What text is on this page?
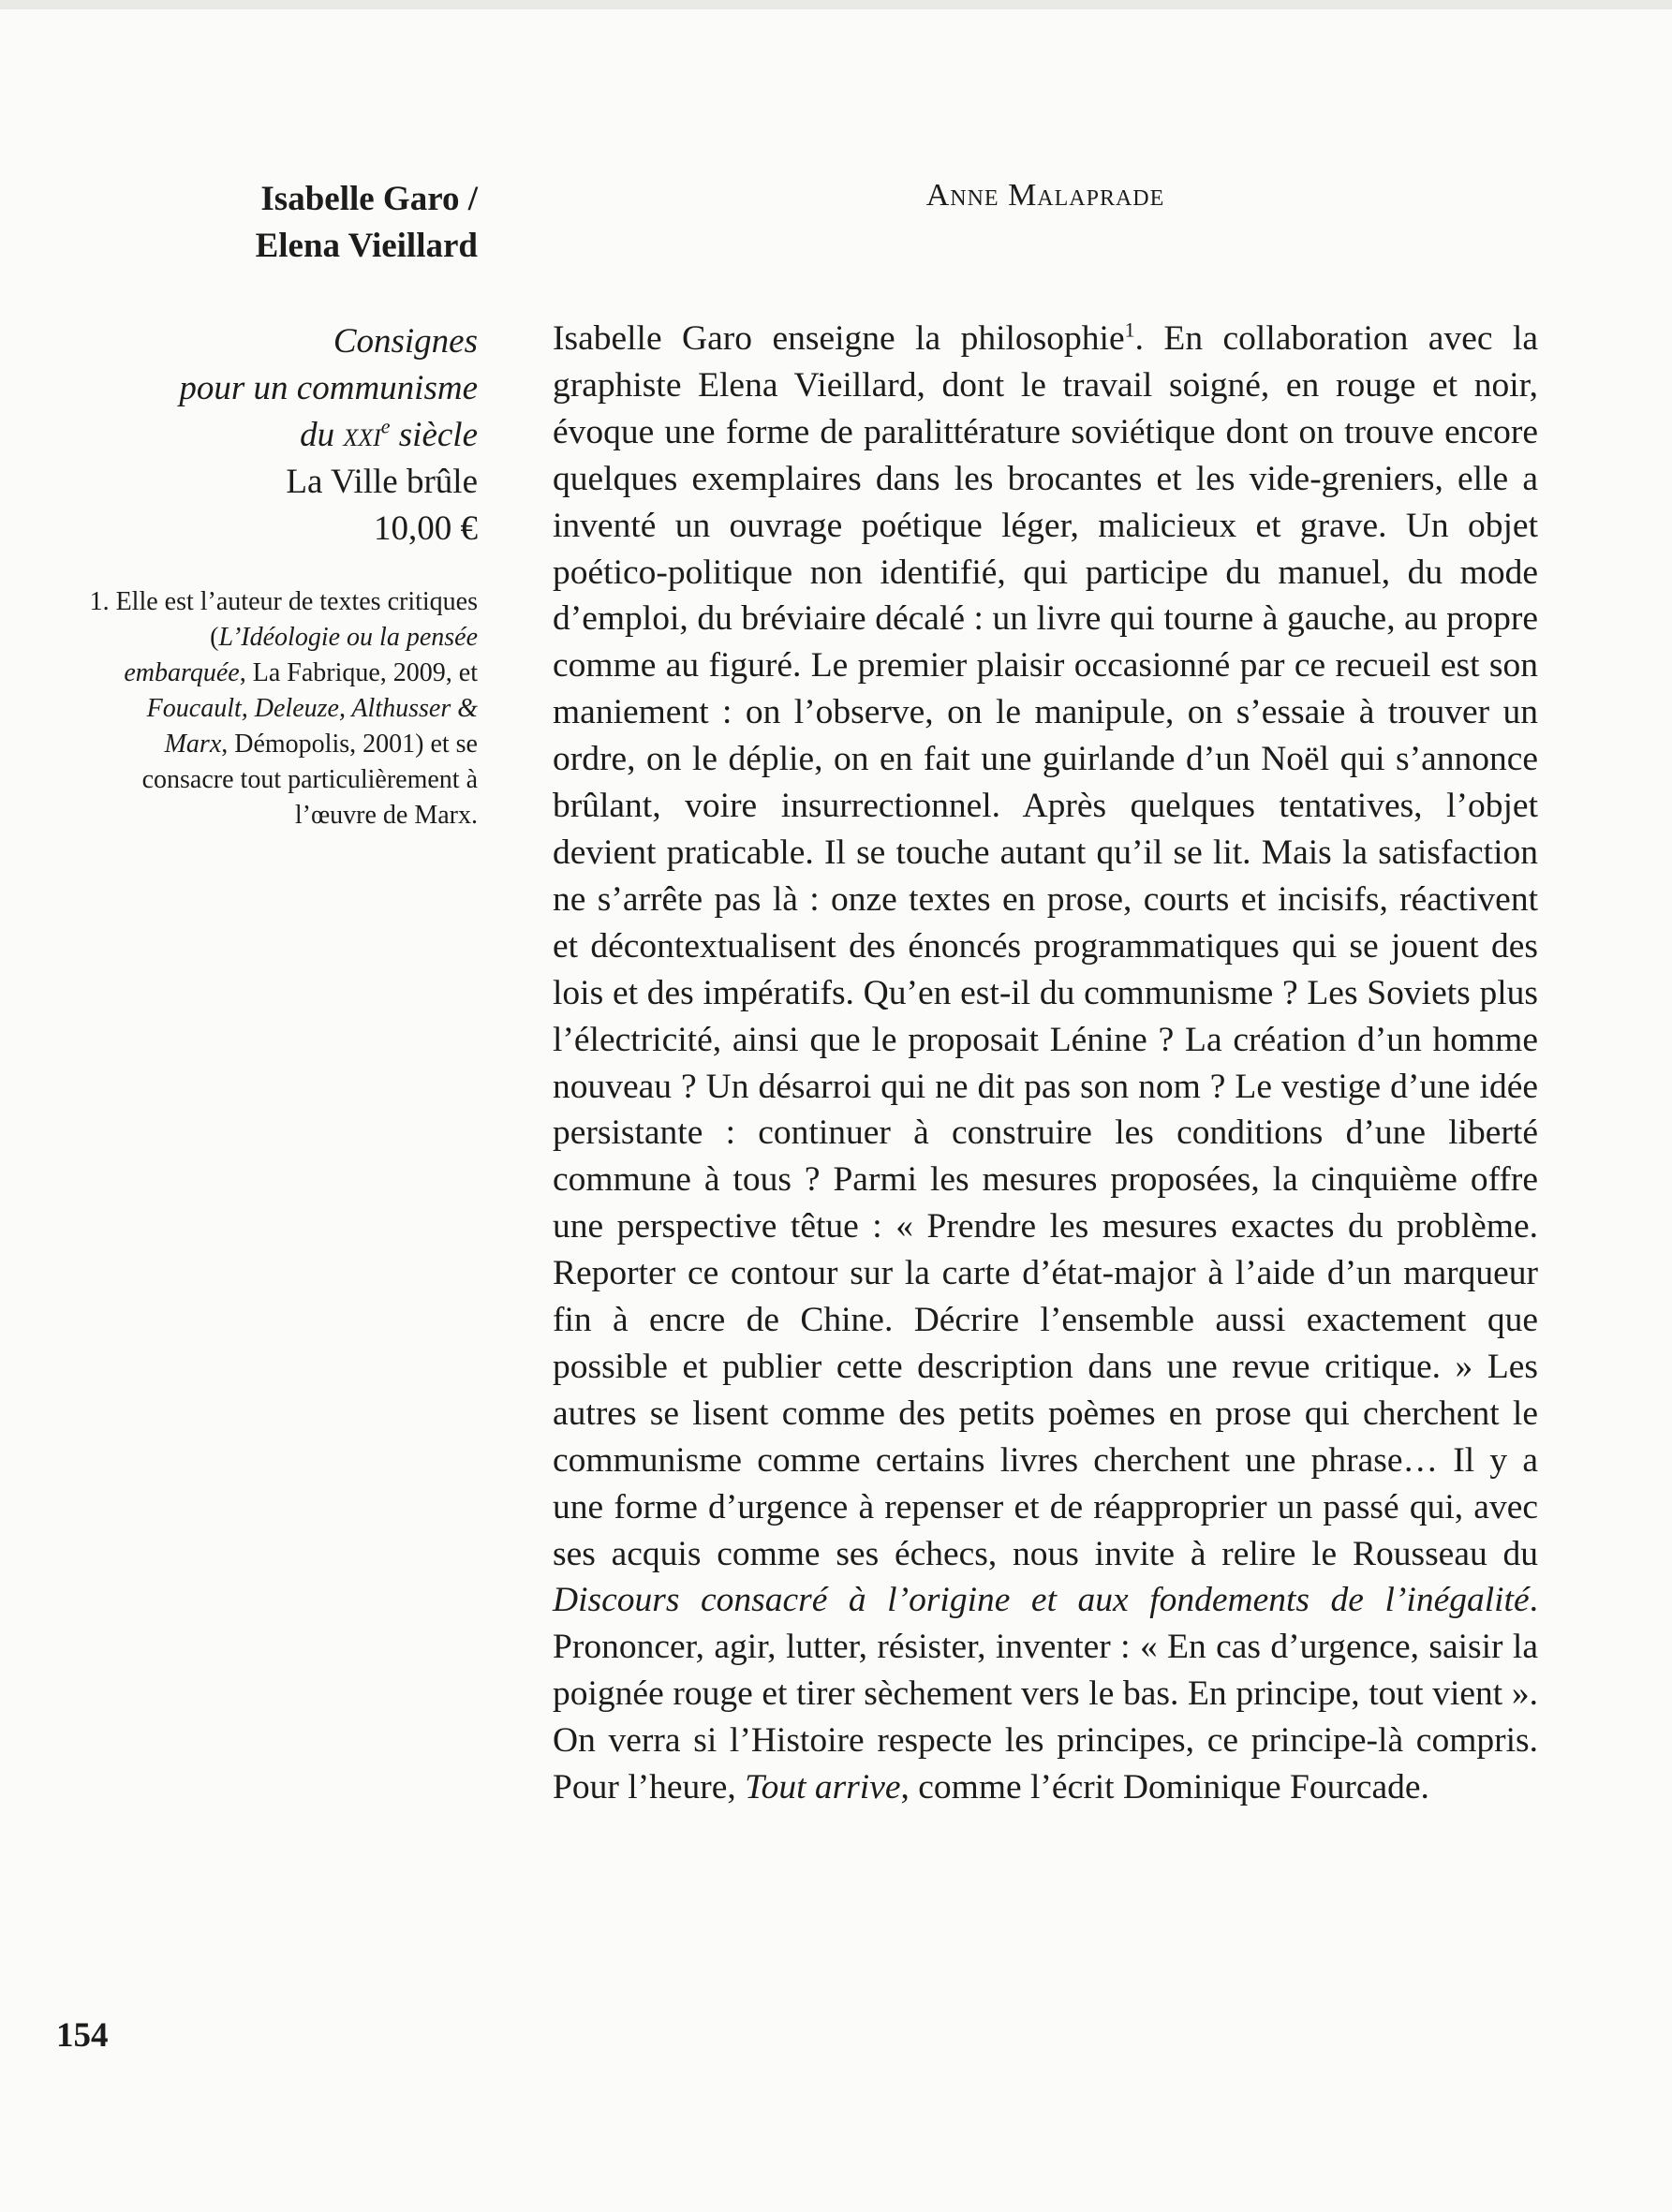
Isabelle Garo /
Elena Vieillard

Consignes
pour un communisme
du xxi$^e$ siècle
La Ville brûle
10,00 €
1. Elle est l’auteur de textes critiques (L’Idéologie ou la pensée embarquée, La Fabrique, 2009, et Foucault, Deleuze, Althusser & Marx, Démopolis, 2001) et se consacre tout particulièrement à l’œuvre de Marx.
Anne Malaprade

Isabelle Garo enseigne la philosophie$^1$. En collaboration avec la graphiste Elena Vieillard, dont le travail soigné, en rouge et noir, évoque une forme de paralittérature soviétique dont on trouve encore quelques exemplaires dans les brocantes et les vide-greniers, elle a inventé un ouvrage poétique léger, malicieux et grave. Un objet poético-politique non identifié, qui participe du manuel, du mode d’emploi, du bréviaire décalé : un livre qui tourne à gauche, au propre comme au figuré. Le premier plaisir occasionné par ce recueil est son maniement : on l’observe, on le manipule, on s’essaie à trouver un ordre, on le déplie, on en fait une guirlande d’un Noël qui s’annonce brûlant, voire insurrectionnel. Après quelques tentatives, l’objet devient praticable. Il se touche autant qu’il se lit. Mais la satisfaction ne s’arrête pas là : onze textes en prose, courts et incisifs, réactivent et décontextualisent des énoncés programmatiques qui se jouent des lois et des impératifs. Qu’en est-il du communisme ? Les Soviets plus l’électricité, ainsi que le proposait Lénine ? La création d’un homme nouveau ? Un désarroi qui ne dit pas son nom ? Le vestige d’une idée persistante : continuer à construire les conditions d’une liberté commune à tous ? Parmi les mesures proposées, la cinquième offre une perspective têtue : « Prendre les mesures exactes du problème. Reporter ce contour sur la carte d’état-major à l’aide d’un marqueur fin à encre de Chine. Décrire l’ensemble aussi exactement que possible et publier cette description dans une revue critique. » Les autres se lisent comme des petits poèmes en prose qui cherchent le communisme comme certains livres cherchent une phrase… Il y a une forme d’urgence à repenser et de réapproprier un passé qui, avec ses acquis comme ses échecs, nous invite à relire le Rousseau du Discours consacré à l’origine et aux fondements de l’inégalité. Prononcer, agir, lutter, résister, inventer : « En cas d’urgence, saisir la poignée rouge et tirer sèchement vers le bas. En principe, tout vient ». On verra si l’Histoire respecte les principes, ce principe-là compris. Pour l’heure, Tout arrive, comme l’écrit Dominique Fourcade.

154
